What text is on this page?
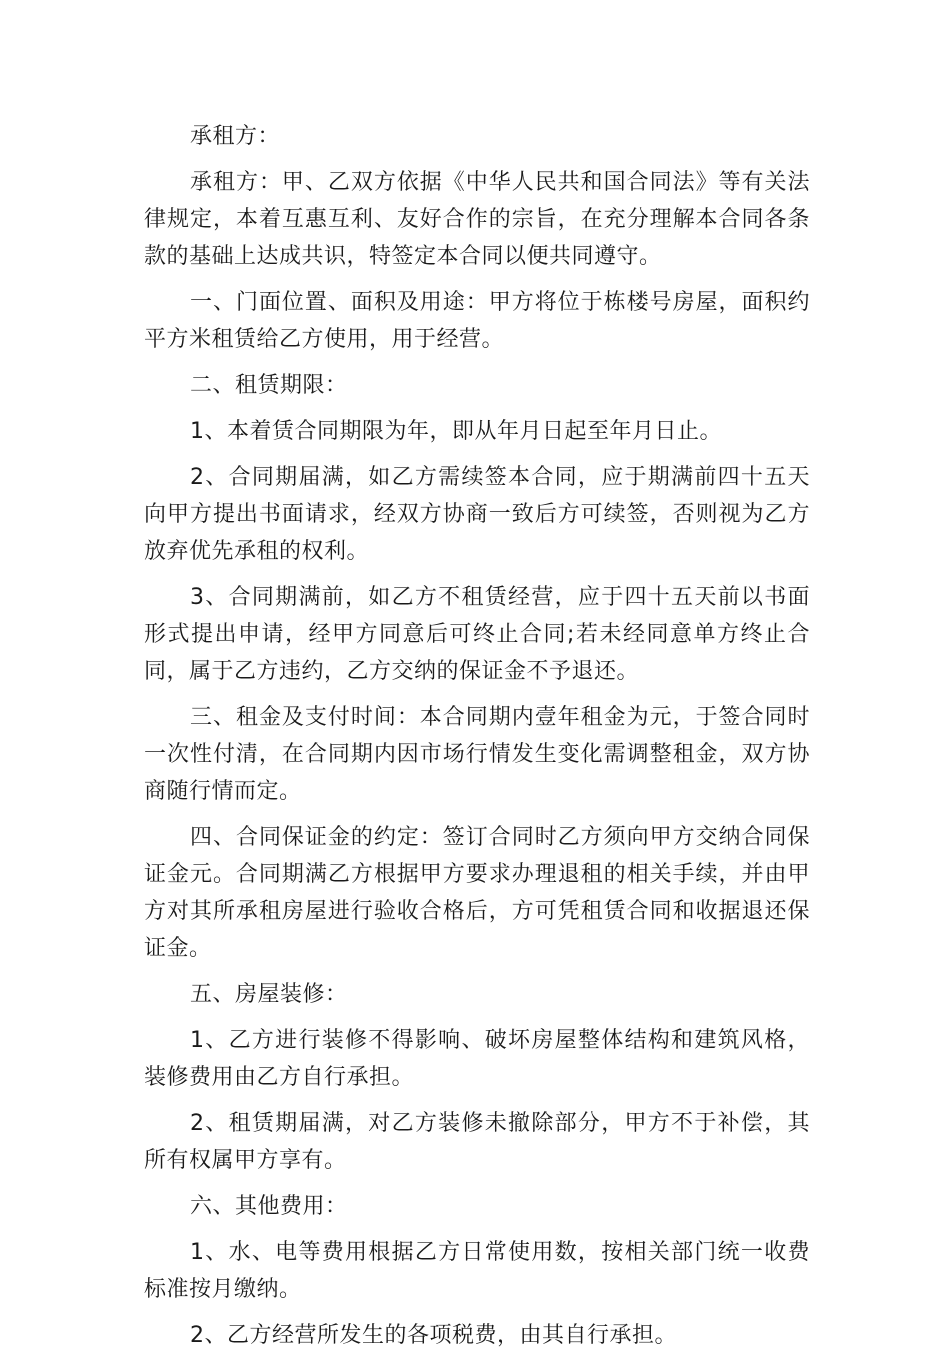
承租方：

承租方：甲、乙双方依据《中华人民共和国合同法》等有关法律规定，本着互惠互利、友好合作的宗旨，在充分理解本合同各条款的基础上达成共识，特签定本合同以便共同遵守。

一、门面位置、面积及用途：甲方将位于栋楼号房屋，面积约平方米租赁给乙方使用，用于经营。

二、租赁期限：

1、本着赁合同期限为年，即从年月日起至年月日止。

2、合同期届满，如乙方需续签本合同，应于期满前四十五天向甲方提出书面请求，经双方协商一致后方可续签，否则视为乙方放弃优先承租的权利。

3、合同期满前，如乙方不租赁经营，应于四十五天前以书面形式提出申请，经甲方同意后可终止合同;若未经同意单方终止合同，属于乙方违约，乙方交纳的保证金不予退还。

三、租金及支付时间：本合同期内壹年租金为元，于签合同时一次性付清，在合同期内因市场行情发生变化需调整租金，双方协商随行情而定。

四、合同保证金的约定：签订合同时乙方须向甲方交纳合同保证金元。合同期满乙方根据甲方要求办理退租的相关手续，并由甲方对其所承租房屋进行验收合格后，方可凭租赁合同和收据退还保证金。

五、房屋装修：

1、乙方进行装修不得影响、破坏房屋整体结构和建筑风格，装修费用由乙方自行承担。

2、租赁期届满，对乙方装修未撤除部分，甲方不于补偿，其所有权属甲方享有。

六、其他费用：

1、水、电等费用根据乙方日常使用数，按相关部门统一收费标准按月缴纳。

2、乙方经营所发生的各项税费，由其自行承担。
